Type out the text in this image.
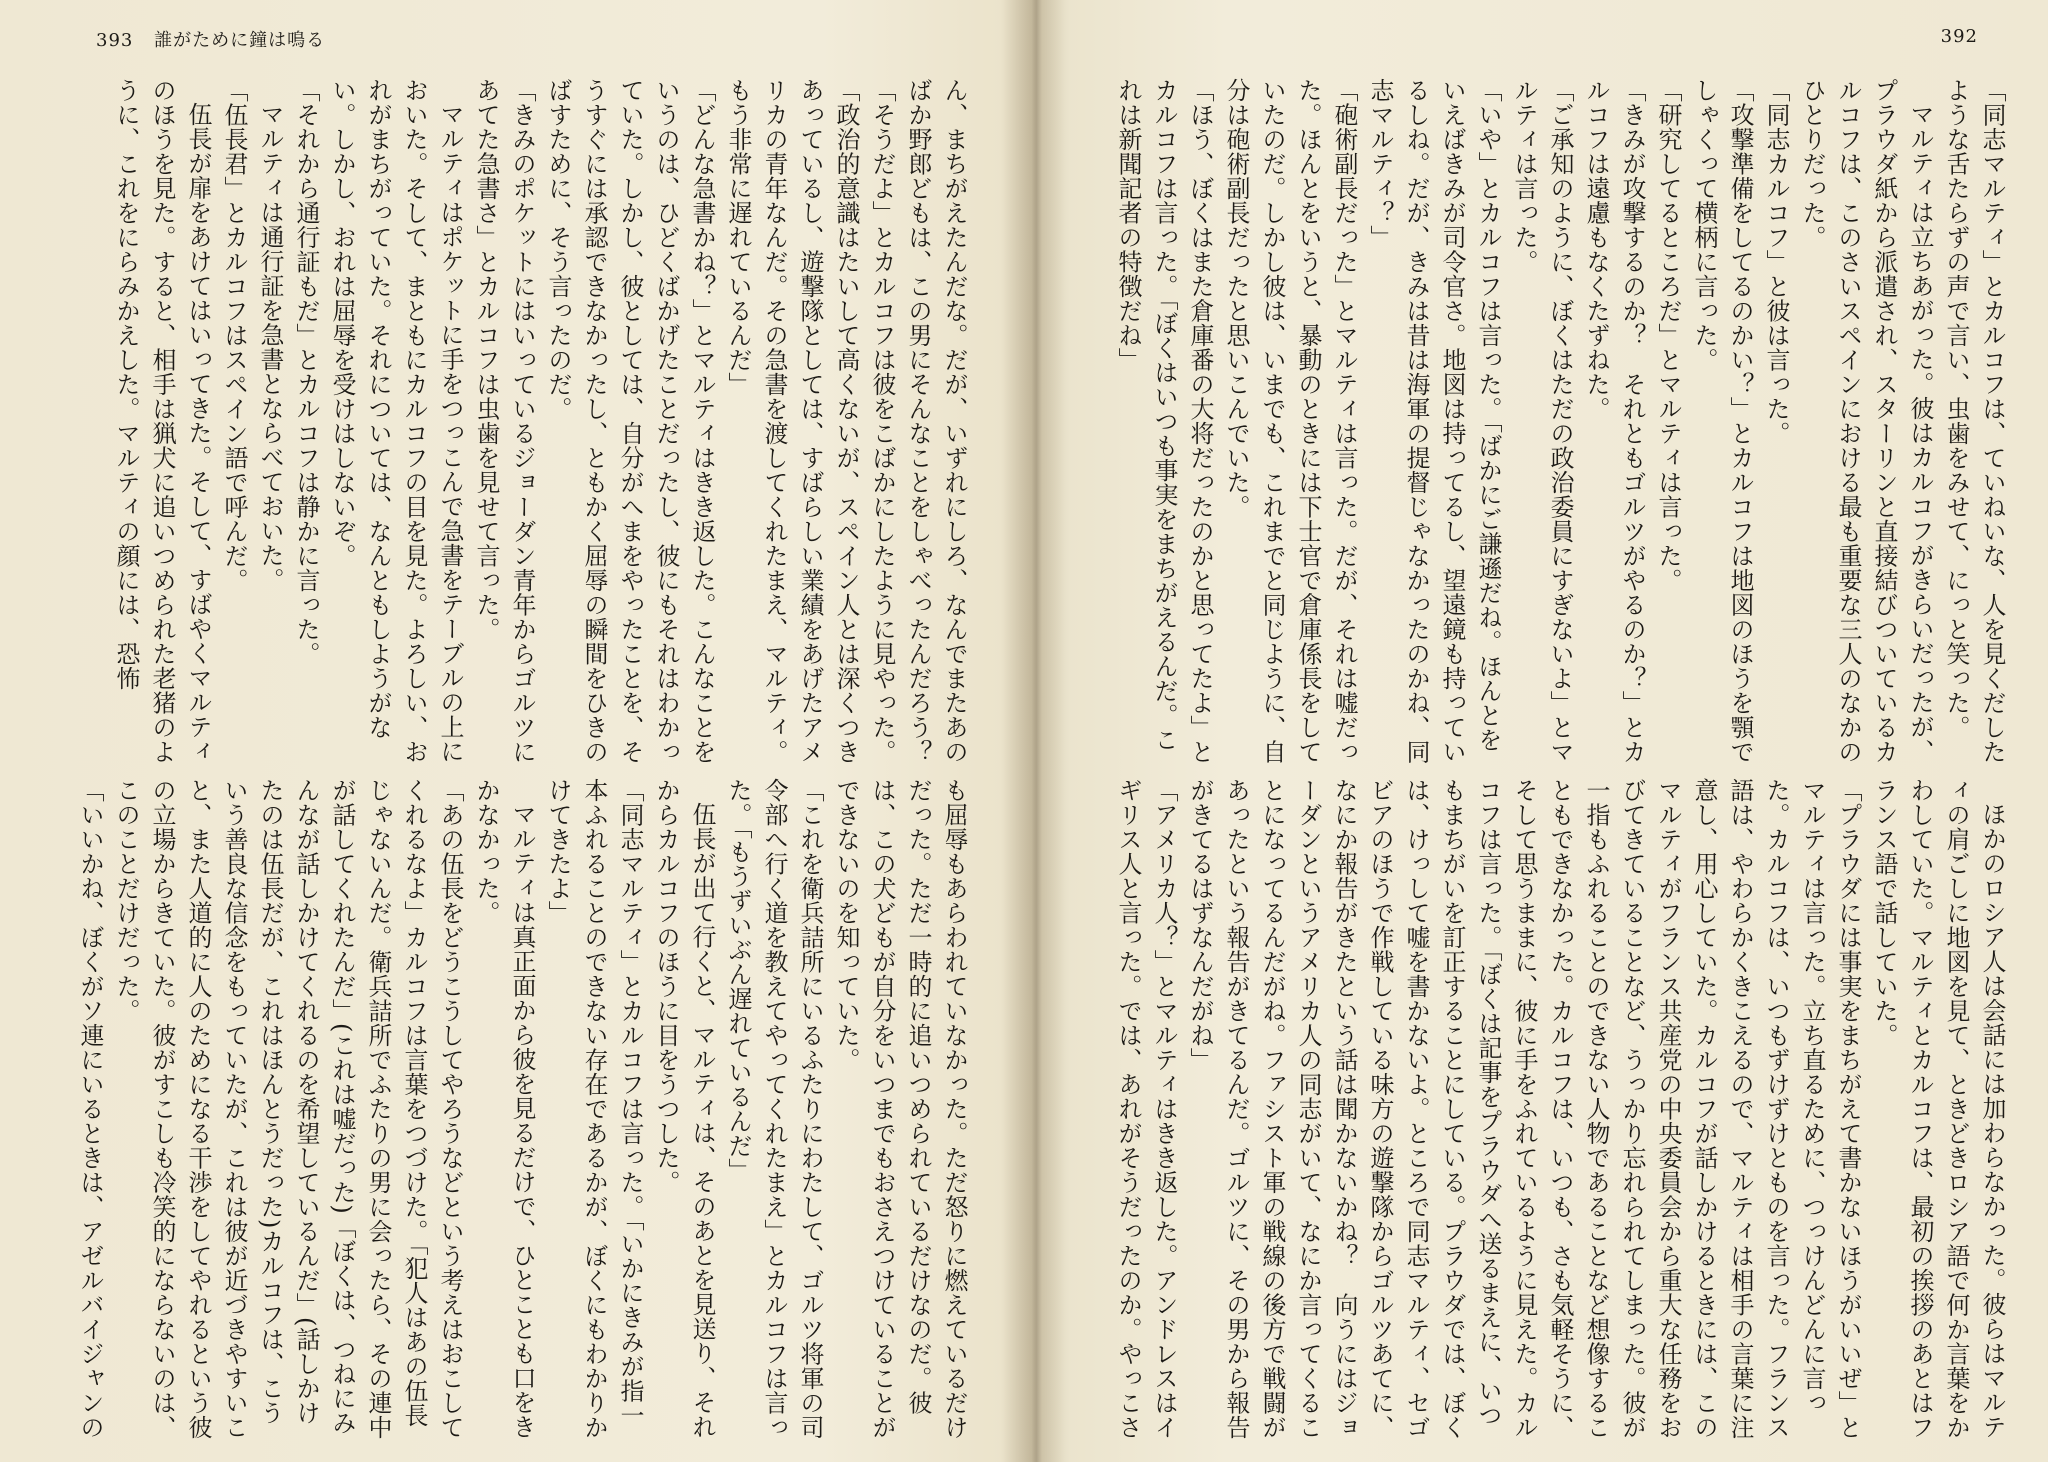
393 誰がために鐘は鳴る

ん、まちがえたんだな。だが、いずれにしろ、なんでまたあのばか野郎どもは、この男にそんなことをしゃべったんだろう？

「そうだよ」とカルコフは彼をこばかにしたように見やった。「政治的意識はたいして高くないが、スペイン人とは深くつきあっているし、遊撃隊としては、すばらしい業績をあげたアメリカの青年なんだ。その急書を渡してくれたまえ、マルティ。もう非常に遅れているんだ」

「どんな急書かね？」とマルティはきき返した。こんなことをいうのは、ひどくばかげたことだったし、彼にもそれはわかっていた。しかし、彼としては、自分がへまをやったことを、そうすぐには承認できなかったし、ともかく屈辱の瞬間をひきのばすために、そう言ったのだ。

「きみのポケットにはいっているジョーダン青年からゴルツにあてた急書さ」とカルコフは虫歯を見せて言った。

マルティはポケットに手をつっこんで急書をテーブルの上においた。そして、まともにカルコフの目を見た。よろしい、おれがまちがっていた。それについては、なんともしようがない。しかし、おれは屈辱を受けはしないぞ。

「それから通行証もだ」とカルコフは静かに言った。

マルティは通行証を急書とならべておいた。

「伍長君」とカルコフはスペイン語で呼んだ。

伍長が扉をあけてはいってきた。そして、すばやくマルティのほうを見た。すると、相手は猟犬に追いつめられた老猪のように、これをにらみかえした。マルティの顔には、恐怖

も屈辱もあらわれていなかった。ただ怒りに燃えているだけだった。ただ一時的に追いつめられているだけなのだ。彼は、この犬どもが自分をいつまでもおさえつけていることができないのを知っていた。

「これを衛兵詰所にいるふたりにわたして、ゴルツ将軍の司令部へ行く道を教えてやってくれたまえ」とカルコフは言った。「もうずいぶん遅れているんだ」

伍長が出て行くと、マルティは、そのあとを見送り、それからカルコフのほうに目をうつした。

「同志マルティ」とカルコフは言った。「いかにきみが指一本ふれることのできない存在であるかが、ぼくにもわかりかけてきたよ」

マルティは真正面から彼を見るだけで、ひとことも口をきかなかった。

「あの伍長をどうこうしてやろうなどという考えはおこしてくれるなよ」カルコフは言葉をつづけた。「犯人はあの伍長じゃないんだ。衛兵詰所でふたりの男に会ったら、その連中が話してくれたんだ」(これは嘘だった)「ぼくは、つねにみんなが話しかけてくれるのを希望しているんだ」(話しかけたのは伍長だが、これはほんとうだった)カルコフは、こういう善良な信念をもっていたが、これは彼が近づきやすいこと、また人道的に人のためになる干渉をしてやれるという彼の立場からきていた。彼がすこしも冷笑的にならないのは、このことだけだった。

「いいかね、ぼくがソ連にいるときは、アゼルバイジャンの

392

「同志マルティ」とカルコフは、ていねいな、人を見くだしたような舌たらずの声で言い、虫歯をみせて、にっと笑った。

マルティは立ちあがった。彼はカルコフがきらいだったが、プラウダ紙から派遣され、スターリンと直接結びついているカルコフは、このさいスペインにおける最も重要な三人のなかのひとりだった。

「同志カルコフ」と彼は言った。

「攻撃準備をしてるのかい？」とカルコフは地図のほうを顎でしゃくって横柄に言った。

「研究してるところだ」とマルティは言った。

「きみが攻撃するのか？　それともゴルツがやるのか？」とカルコフは遠慮もなくたずねた。

「ご承知のように、ぼくはただの政治委員にすぎないよ」とマルティは言った。

「いや」とカルコフは言った。「ばかにご謙遜だね。ほんとをいえばきみが司令官さ。地図は持ってるし、望遠鏡も持っているしね。だが、きみは昔は海軍の提督じゃなかったのかね、同志マルティ？」

「砲術副長だった」とマルティは言った。だが、それは嘘だった。ほんとをいうと、暴動のときには下士官で倉庫係長をしていたのだ。しかし彼は、いまでも、これまでと同じように、自分は砲術副長だったと思いこんでいた。

「ほう、ぼくはまた倉庫番の大将だったのかと思ってたよ」とカルコフは言った。「ぼくはいつも事実をまちがえるんだ。これは新聞記者の特徴だね」

ほかのロシア人は会話には加わらなかった。彼らはマルティの肩ごしに地図を見て、ときどきロシア語で何か言葉をかわしていた。マルティとカルコフは、最初の挨拶のあとはフランス語で話していた。

「プラウダには事実をまちがえて書かないほうがいいぜ」とマルティは言った。立ち直るために、つっけんどんに言った。カルコフは、いつもずけずけとものを言った。フランス語は、やわらかくきこえるので、マルティは相手の言葉に注意し、用心していた。カルコフが話しかけるときには、このマルティがフランス共産党の中央委員会から重大な任務をおびてきていることなど、うっかり忘れられてしまった。彼が一指もふれることのできない人物であることなど想像することもできなかった。カルコフは、いつも、さも気軽そうに、そして思うままに、彼に手をふれているように見えた。カルコフは言った。「ぼくは記事をプラウダへ送るまえに、いつもまちがいを訂正することにしている。プラウダでは、ぼくは、けっして嘘を書かないよ。ところで同志マルティ、セゴビアのほうで作戦している味方の遊撃隊からゴルツあてに、なにか報告がきたという話は聞かないかね？　向うにはジョーダンというアメリカ人の同志がいて、なにか言ってくることになってるんだがね。ファシスト軍の戦線の後方で戦闘があったという報告がきてるんだ。ゴルツに、その男から報告がきてるはずなんだがね」

「アメリカ人？」とマルティはきき返した。アンドレスはイギリス人と言った。では、あれがそうだったのか。やっこさ
